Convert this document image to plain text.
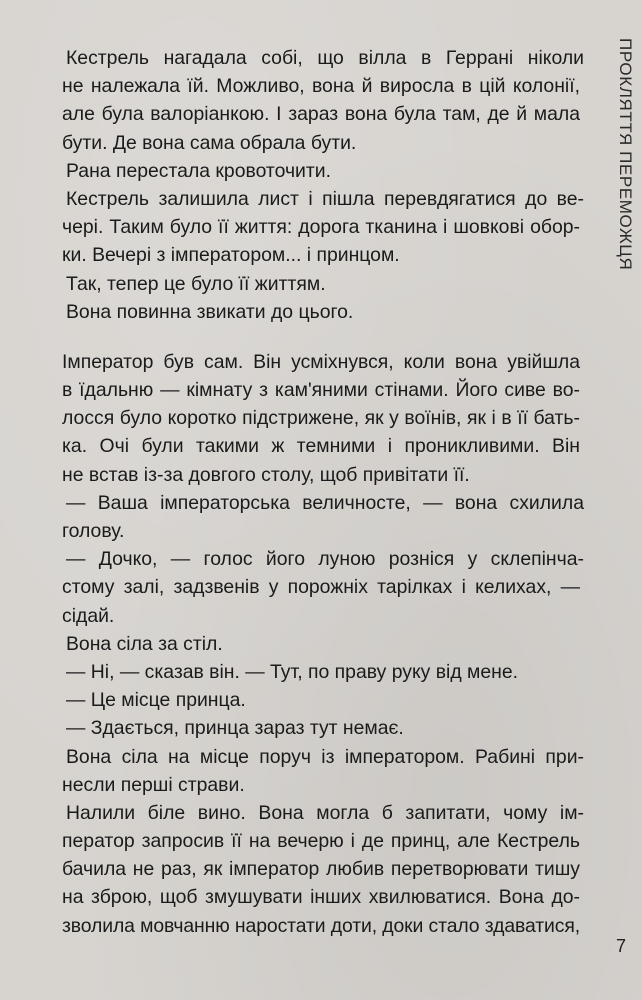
ПРОКЛЯТТЯ ПЕРЕМОЖЦЯ
Кестрель нагадала собі, що вілла в Геррані ніколи
не належала їй. Можливо, вона й виросла в цій колонії,
але була валоріанкою. І зараз вона була там, де й мала
бути. Де вона сама обрала бути.
Рана перестала кровоточити.
Кестрель залишила лист і пішла перевдягатися до ве-
чері. Таким було її життя: дорога тканина і шовкові обор-
ки. Вечері з імператором... і принцом.
Так, тепер це було її життям.
Вона повинна звикати до цього.
Імператор був сам. Він усміхнувся, коли вона увійшла
в їдальню — кімнату з кам'яними стінами. Його сиве во-
лосся було коротко підстрижене, як у воїнів, як і в її бать-
ка. Очі були такими ж темними і проникливими. Він
не встав із-за довгого столу, щоб привітати її.
— Ваша імператорська величносте, — вона схилила
голову.
— Дочко, — голос його луною розніся у склепінча-
стому залі, задзвенів у порожніх тарілках і келихах, —
сідай.
Вона сіла за стіл.
— Ні, — сказав він. — Тут, по праву руку від мене.
— Це місце принца.
— Здається, принца зараз тут немає.
Вона сіла на місце поруч із імператором. Рабині при-
несли перші страви.
Налили біле вино. Вона могла б запитати, чому ім-
ператор запросив її на вечерю і де принц, але Кестрель
бачила не раз, як імператор любив перетворювати тишу
на зброю, щоб змушувати інших хвилюватися. Вона до-
зволила мовчанню наростати доти, доки стало здаватися,
7
